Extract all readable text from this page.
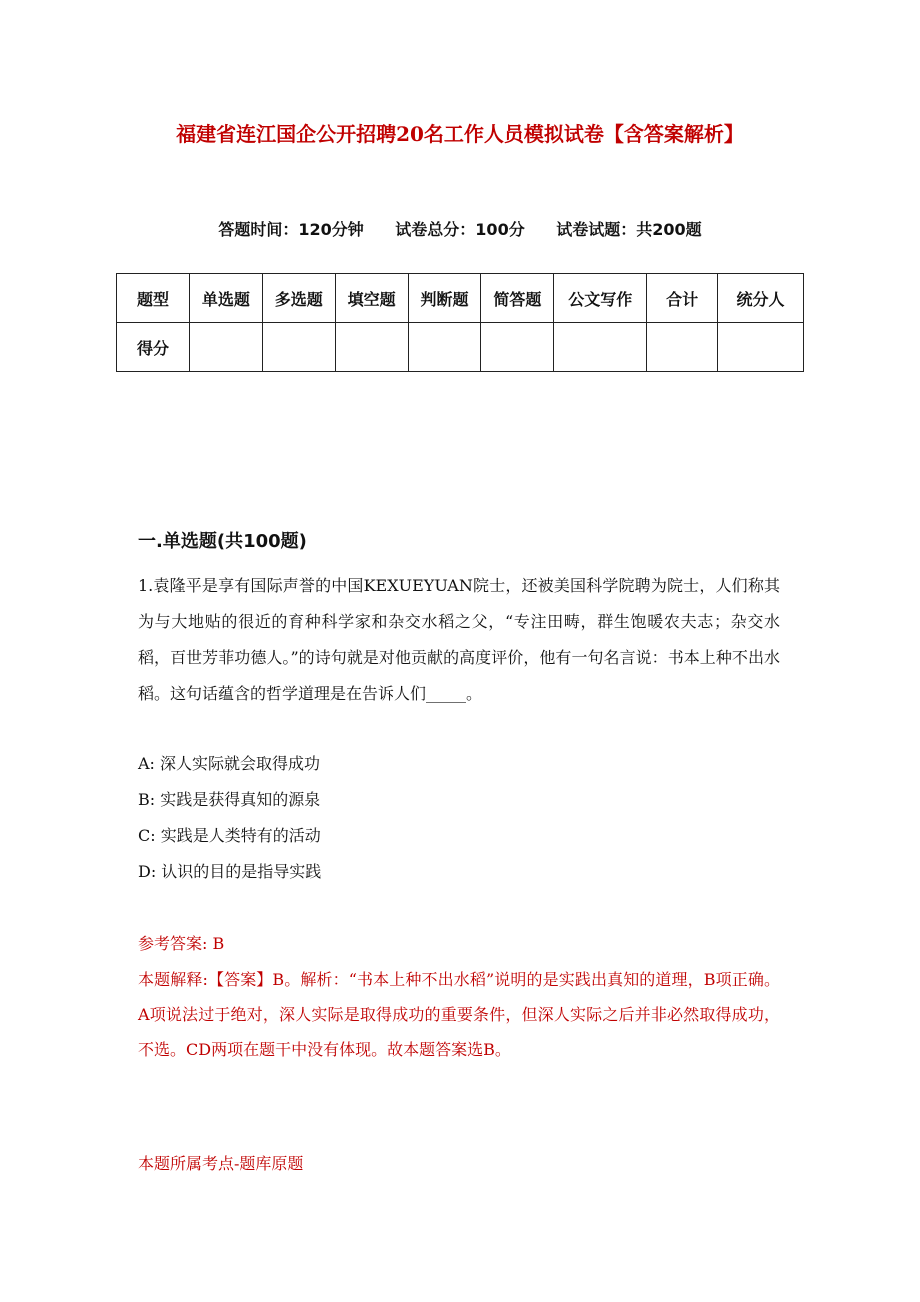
福建省连江国企公开招聘20名工作人员模拟试卷【含答案解析】
答题时间：120分钟 试卷总分：100分 试卷试题：共200题
题型	单选题	多选题	填空题	判断题	简答题	公文写作	合计	统分人
得分								
一.单选题(共100题)

1.袁隆平是享有国际声誉的中国KEXUEYUAN院士，还被美国科学院聘为院士，人们称其为与大地贴的很近的育种科学家和杂交水稻之父，“专注田畴，群生饱暖农夫志；杂交水稻，百世芳菲功德人。”的诗句就是对他贡献的高度评价，他有一句名言说：书本上种不出水稻。这句话蕴含的哲学道理是在告诉人们_____。

A: 深人实际就会取得成功
B: 实践是获得真知的源泉
C: 实践是人类特有的活动
D: 认识的目的是指导实践

参考答案: B

本题解释:【答案】B。解析：“书本上种不出水稻”说明的是实践出真知的道理，B项正确。A项说法过于绝对，深人实际是取得成功的重要条件，但深人实际之后并非必然取得成功，不选。CD两项在题干中没有体现。故本题答案选B。

本题所属考点-题库原题
